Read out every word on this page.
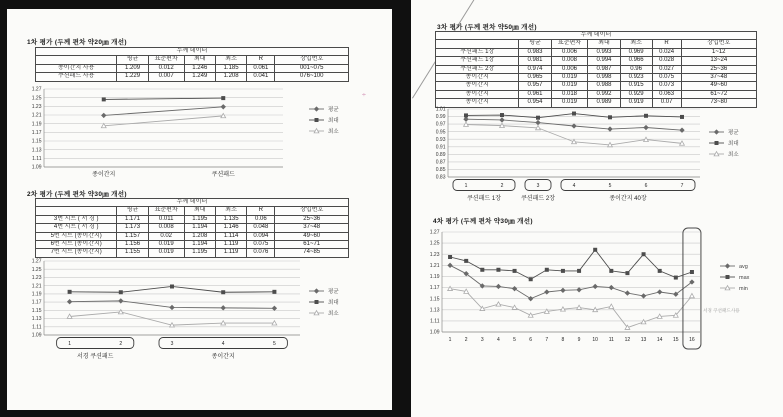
1차 평가 (두께 편차 약20㎛ 개선)
두께 데이터						
	평균	표준편차	최대	최소	R	장입번호
종이간지 사용	1.209	0.012	1.246	1.185	0.061	001~075
쿠션패드 사용	1.229	0.007	1.249	1.208	0.041	076~100
1.27
1.25
1.23
1.21
1.19
1.17
1.15
1.13
1.11
1.09
종이간지	쿠션패드
평균
최대
최소
2차 평가 (두께 편차 약30㎛ 개선)
두께 데이터						
	평균	표준편차	최대	최소	R	장입번호
3번 시트 ( 서 경 )	1.171	0.011	1.195	1.135	0.06	25~36
4번 시트 ( 서 경 )	1.173	0.008	1.194	1.146	0.048	37~48
5번 시트 (종이간지)	1.157	0.02	1.208	1.114	0.094	49~60
6번 시트 (종이간지)	1.156	0.019	1.194	1.119	0.075	61~71
7번 시트 (종이간지)	1.155	0.019	1.195	1.119	0.076	74~85
1.27
1.25
1.23
1.21
1.19
1.17
1.15
1.13
1.11
1.09
1	2	3	4	5
서경 쿠션패드	종이간지
평균
최대
최소
÷
3차 평가 (두께 편차 약50㎛ 개선)
두께 데이터						
	평균	표준편차	최대	최소	R	장입번호
쿠션패드 1장	0.983	0.006	0.993	0.969	0.024	1~12
쿠션패드 1장	0.981	0.008	0.994	0.966	0.028	13~24
쿠션패드 2장	0.974	0.006	0.987	0.96	0.027	25~36
종이간지	0.965	0.019	0.998	0.923	0.075	37~48
종이간지	0.957	0.019	0.988	0.915	0.073	49~60
종이간지	0.961	0.018	0.992	0.929	0.063	61~72
종이간지	0.954	0.019	0.989	0.919	0.07	73~80
1.01
0.99
0.97
0.95
0.93
0.91
0.89
0.87
0.85
0.83
1	2	3	4	5	6	7
쿠션패드 1장	쿠션패드 2장	종이간지 40장
평균
최대
최소
4차 평가 (두께 편차 약30㎛ 개선)
1.27
1.25
1.23
1.21
1.19
1.17
1.15
1.13
1.11
1.09
1	2	3	4	5	6	7	8	9 10 11 12 13 14 15 16
서경 쿠션패드사용
avg
max
min
